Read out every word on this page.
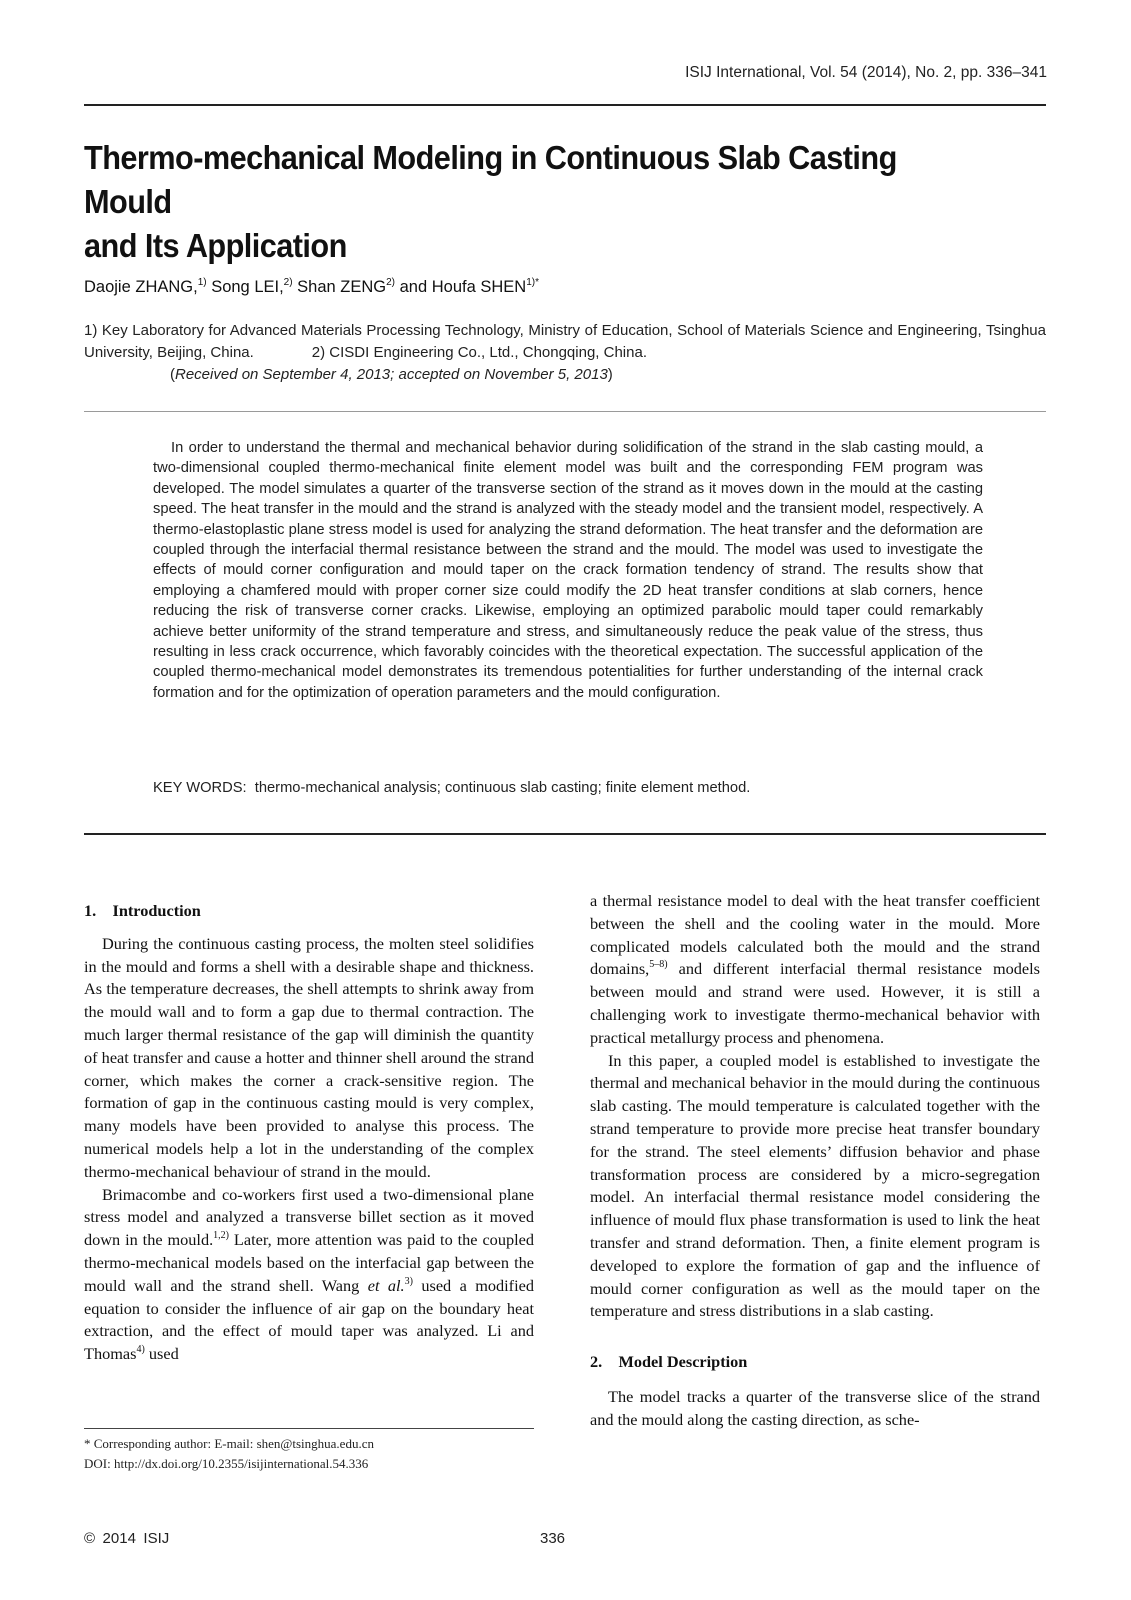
ISIJ International, Vol. 54 (2014), No. 2, pp. 336–341
Thermo-mechanical Modeling in Continuous Slab Casting Mould
and Its Application
Daojie ZHANG,$^{1)}$ Song LEI,$^{2)}$ Shan ZENG$^{2)}$ and Houfa $SHEN^{1)*}$
1) Key Laboratory for Advanced Materials Processing Technology, Ministry of Education, School of Materials Science and Engineering, Tsinghua University, Beijing, China.	2) CISDI Engineering Co., Ltd., Chongqing, China.
(Received on September 4, 2013; accepted on November 5, 2013)

In order to understand the thermal and mechanical behavior during solidification of the strand in the slab casting mould, a two-dimensional coupled thermo-mechanical finite element model was built and the corresponding FEM program was developed. The model simulates a quarter of the transverse section of the strand as it moves down in the mould at the casting speed. The heat transfer in the mould and the strand is analyzed with the steady model and the transient model, respectively. A thermo-elastoplastic plane stress model is used for analyzing the strand deformation. The heat transfer and the deformation are coupled through the interfacial thermal resistance between the strand and the mould. The model was used to investigate the effects of mould corner configuration and mould taper on the crack formation tendency of strand. The results show that employing a chamfered mould with proper corner size could modify the 2D heat transfer conditions at slab corners, hence reducing the risk of transverse corner cracks. Likewise, employing an optimized parabolic mould taper could remarkably achieve better uniformity of the strand temperature and stress, and simultaneously reduce the peak value of the stress, thus resulting in less crack occurrence, which favorably coincides with the theoretical expectation. The successful application of the coupled thermo-mechanical model demonstrates its tremendous potentialities for further understanding of the internal crack formation and for the optimization of operation parameters and the mould configuration.

KEY WORDS: thermo-mechanical analysis; continuous slab casting; finite element method.
1. Introduction

During the continuous casting process, the molten steel solidifies in the mould and forms a shell with a desirable shape and thickness. As the temperature decreases, the shell attempts to shrink away from the mould wall and to form a gap due to thermal contraction. The much larger thermal resistance of the gap will diminish the quantity of heat transfer and cause a hotter and thinner shell around the strand corner, which makes the corner a crack-sensitive region. The formation of gap in the continuous casting mould is very complex, many models have been provided to analyse this process. The numerical models help a lot in the understanding of the complex thermo-mechanical behaviour of strand in the mould.

Brimacombe and co-workers first used a two-dimensional plane stress model and analyzed a transverse billet section as it moved down in the mould.$^{1,2)}$ Later, more attention was paid to the coupled thermo-mechanical models based on the interfacial gap between the mould wall and the strand shell. Wang et al.$^{3)}$ used a modified equation to consider the influence of air gap on the boundary heat extraction, and the effect of mould taper was analyzed. Li and Thomas$^{4)}$ used

a thermal resistance model to deal with the heat transfer coefficient between the shell and the cooling water in the mould. More complicated models calculated both the mould and the strand domains,$^{5-8)}$ and different interfacial thermal resistance models between mould and strand were used. However, it is still a challenging work to investigate thermo-mechanical behavior with practical metallurgy process and phenomena.

In this paper, a coupled model is established to investigate the thermal and mechanical behavior in the mould during the continuous slab casting. The mould temperature is calculated together with the strand temperature to provide more precise heat transfer boundary for the strand. The steel elements’ diffusion behavior and phase transformation process are considered by a micro-segregation model. An interfacial thermal resistance model considering the influence of mould flux phase transformation is used to link the heat transfer and strand deformation. Then, a finite element program is developed to explore the formation of gap and the influence of mould corner configuration as well as the mould taper on the temperature and stress distributions in a slab casting.

2. Model Description

The model tracks a quarter of the transverse slice of the strand and the mould along the casting direction, as sche-

* Corresponding author: E-mail: shen@tsinghua.edu.cn
DOI: http://dx.doi.org/10.2355/isijinternational.54.336
© 2014 ISIJ	336
